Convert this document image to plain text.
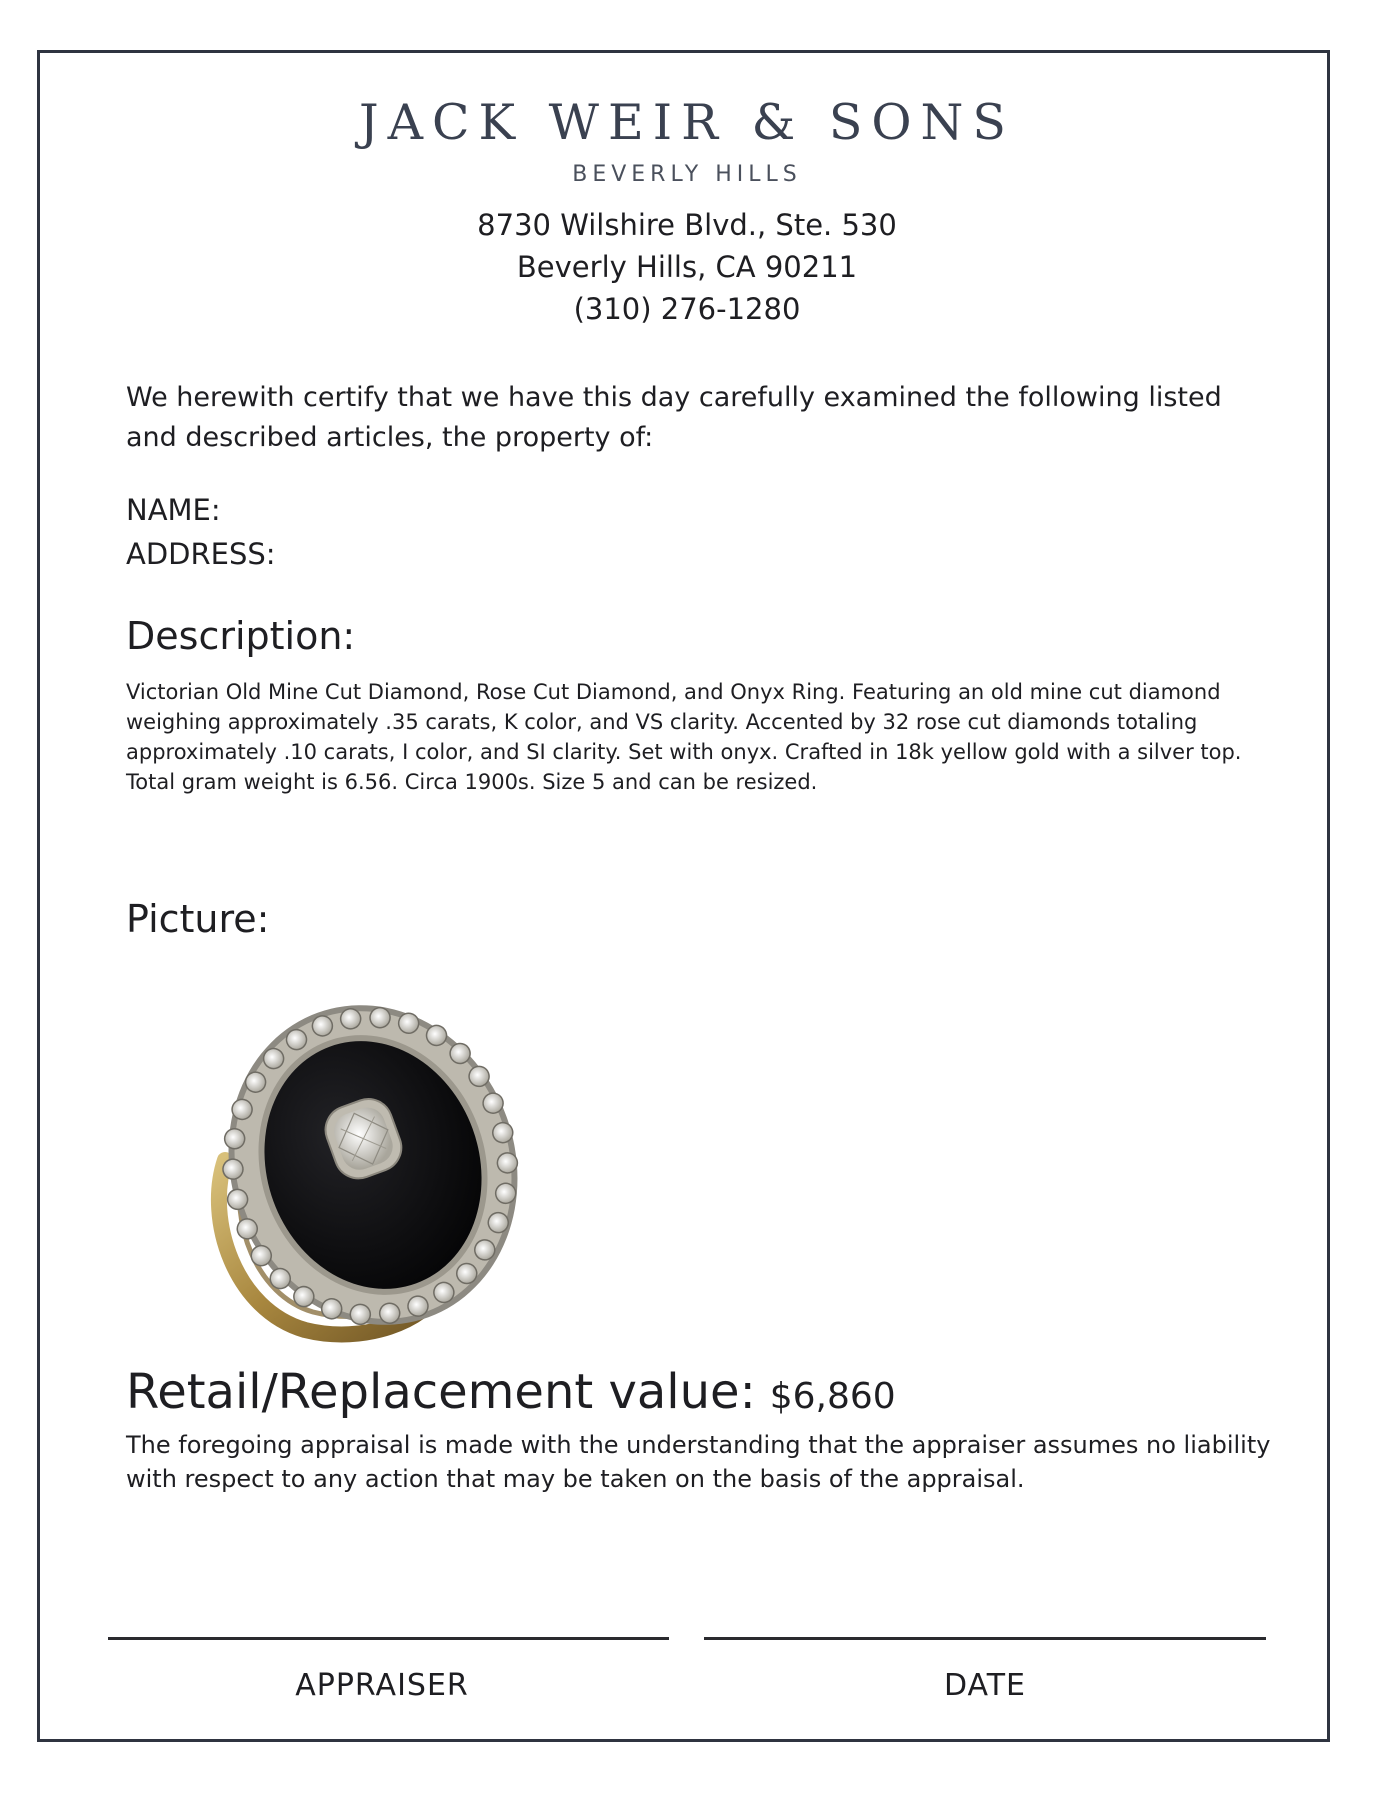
JACK WEIR & SONS
BEVERLY HILLS
8730 Wilshire Blvd., Ste. 530
Beverly Hills, CA 90211
(310) 276-1280
We herewith certify that we have this day carefully examined the following listed and described articles, the property of:
NAME:
ADDRESS:
Description:
Victorian Old Mine Cut Diamond, Rose Cut Diamond, and Onyx Ring. Featuring an old mine cut diamond weighing approximately .35 carats, K color, and VS clarity. Accented by 32 rose cut diamonds totaling approximately .10 carats, I color, and SI clarity. Set with onyx. Crafted in 18k yellow gold with a silver top. Total gram weight is 6.56. Circa 1900s. Size 5 and can be resized.
Picture:
Retail/Replacement value: $6,860
The foregoing appraisal is made with the understanding that the appraiser assumes no liability with respect to any action that may be taken on the basis of the appraisal.
APPRAISER	DATE
